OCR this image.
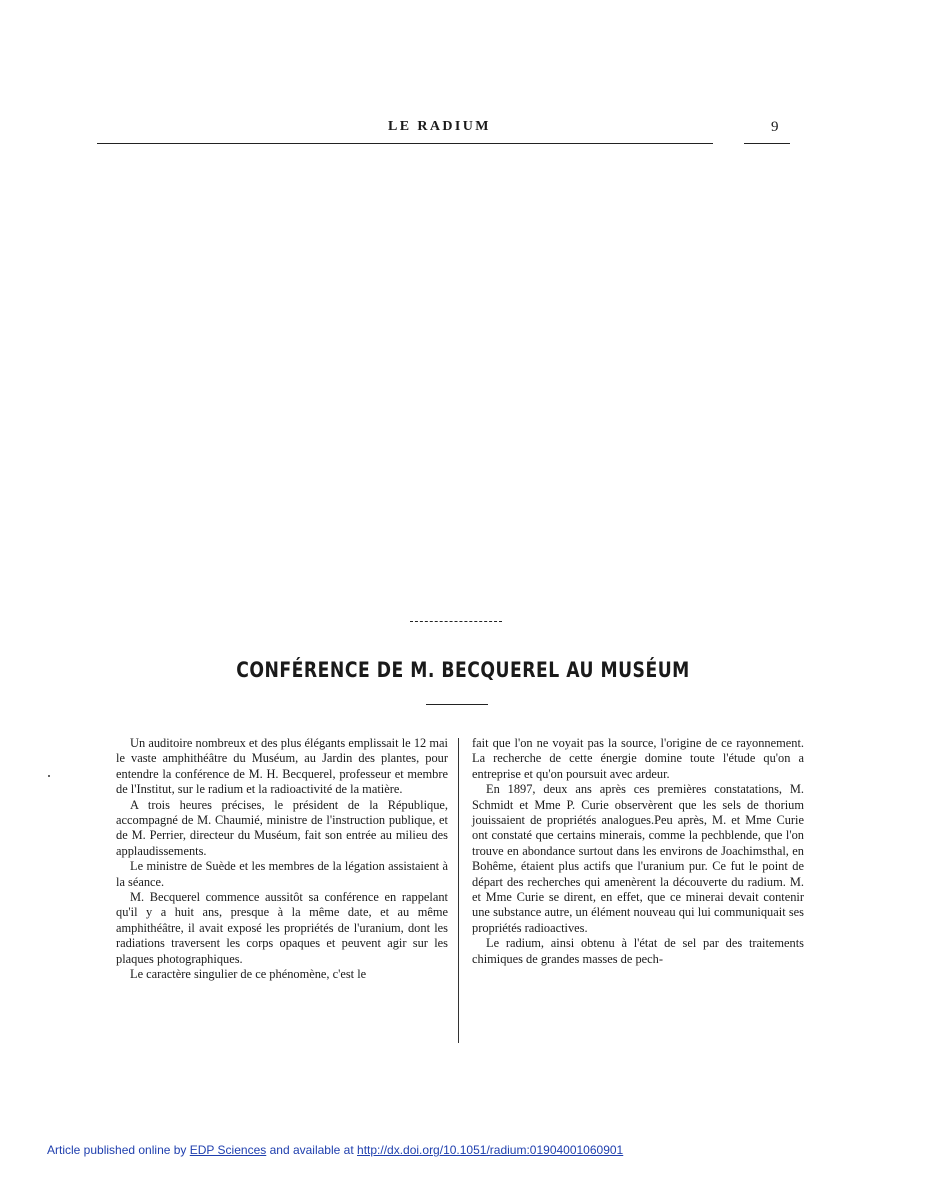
LE RADIUM	9
CONFÉRENCE DE M. BECQUEREL AU MUSÉUM

Un auditoire nombreux et des plus élégants emplissait le 12 mai le vaste amphithéâtre du Muséum, au Jardin des plantes, pour entendre la conférence de M. H. Becquerel, professeur et membre de l'Institut, sur le radium et la radioactivité de la matière.

A trois heures précises, le président de la République, accompagné de M. Chaumié, ministre de l'instruction publique, et de M. Perrier, directeur du Muséum, fait son entrée au milieu des applaudissements.

Le ministre de Suède et les membres de la légation assistaient à la séance.

M. Becquerel commence aussitôt sa conférence en rappelant qu'il y a huit ans, presque à la même date, et au même amphithéâtre, il avait exposé les propriétés de l'uranium, dont les radiations traversent les corps opaques et peuvent agir sur les plaques photographiques.

Le caractère singulier de ce phénomène, c'est le

fait que l'on ne voyait pas la source, l'origine de ce rayonnement. La recherche de cette énergie domine toute l'étude qu'on a entreprise et qu'on poursuit avec ardeur.

En 1897, deux ans après ces premières constatations, M. Schmidt et Mme P. Curie observèrent que les sels de thorium jouissaient de propriétés analogues.Peu après, M. et Mme Curie ont constaté que certains minerais, comme la pechblende, que l'on trouve en abondance surtout dans les environs de Joachimsthal, en Bohême, étaient plus actifs que l'uranium pur. Ce fut le point de départ des recherches qui amenèrent la découverte du radium. M. et Mme Curie se dirent, en effet, que ce minerai devait contenir une substance autre, un élément nouveau qui lui communiquait ses propriétés radioactives.

Le radium, ainsi obtenu à l'état de sel par des traitements chimiques de grandes masses de pech-

Article published online by EDP Sciences and available at http://dx.doi.org/10.1051/radium:01904001060901
